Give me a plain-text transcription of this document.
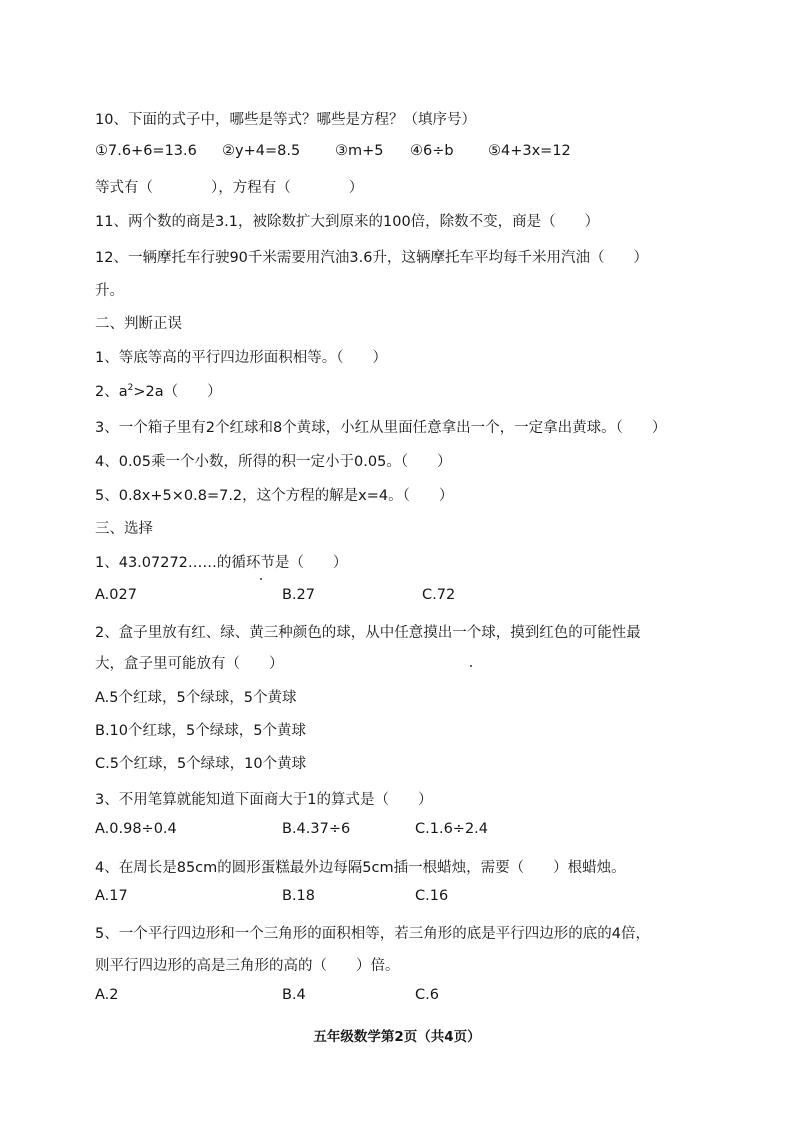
10、下面的式子中，哪些是等式？哪些是方程？（填序号）
①7.6+6=13.6 ②y+4=8.5 ③m+5 ④6÷b ⑤4+3x=12
等式有（　　　　），方程有（　　　　）
11、两个数的商是3.1，被除数扩大到原来的100倍，除数不变，商是（　　）
12、一辆摩托车行驶90千米需要用汽油3.6升，这辆摩托车平均每千米用汽油（　　）
升。
二、判断正误
1、等底等高的平行四边形面积相等。（　　）
2、$a^2>2a$（　　）
3、一个箱子里有2个红球和8个黄球，小红从里面任意拿出一个，一定拿出黄球。（　　）
4、0.05乘一个小数，所得的积一定小于0.05。（　　）
5、0.8x+5×0.8=7.2，这个方程的解是x=4。（　　）
三、选择
1、43.07272……的循环节是（　　）
A.027	B.27	C.72
2、盒子里放有红、绿、黄三种颜色的球，从中任意摸出一个球，摸到红色的可能性最
大，盒子里可能放有（　　）
A.5个红球，5个绿球，5个黄球
B.10个红球，5个绿球，5个黄球
C.5个红球，5个绿球，10个黄球
3、不用笔算就能知道下面商大于1的算式是（　　）
A.0.98÷0.4	B.4.37÷6	C.1.6÷2.4
4、在周长是85cm的圆形蛋糕最外边每隔5cm插一根蜡烛，需要（　　）根蜡烛。
A.17	B.18	C.16
5、一个平行四边形和一个三角形的面积相等，若三角形的底是平行四边形的底的4倍，
则平行四边形的高是三角形的高的（　　）倍。
A.2	B.4	C.6
五年级数学第2页（共4页）
